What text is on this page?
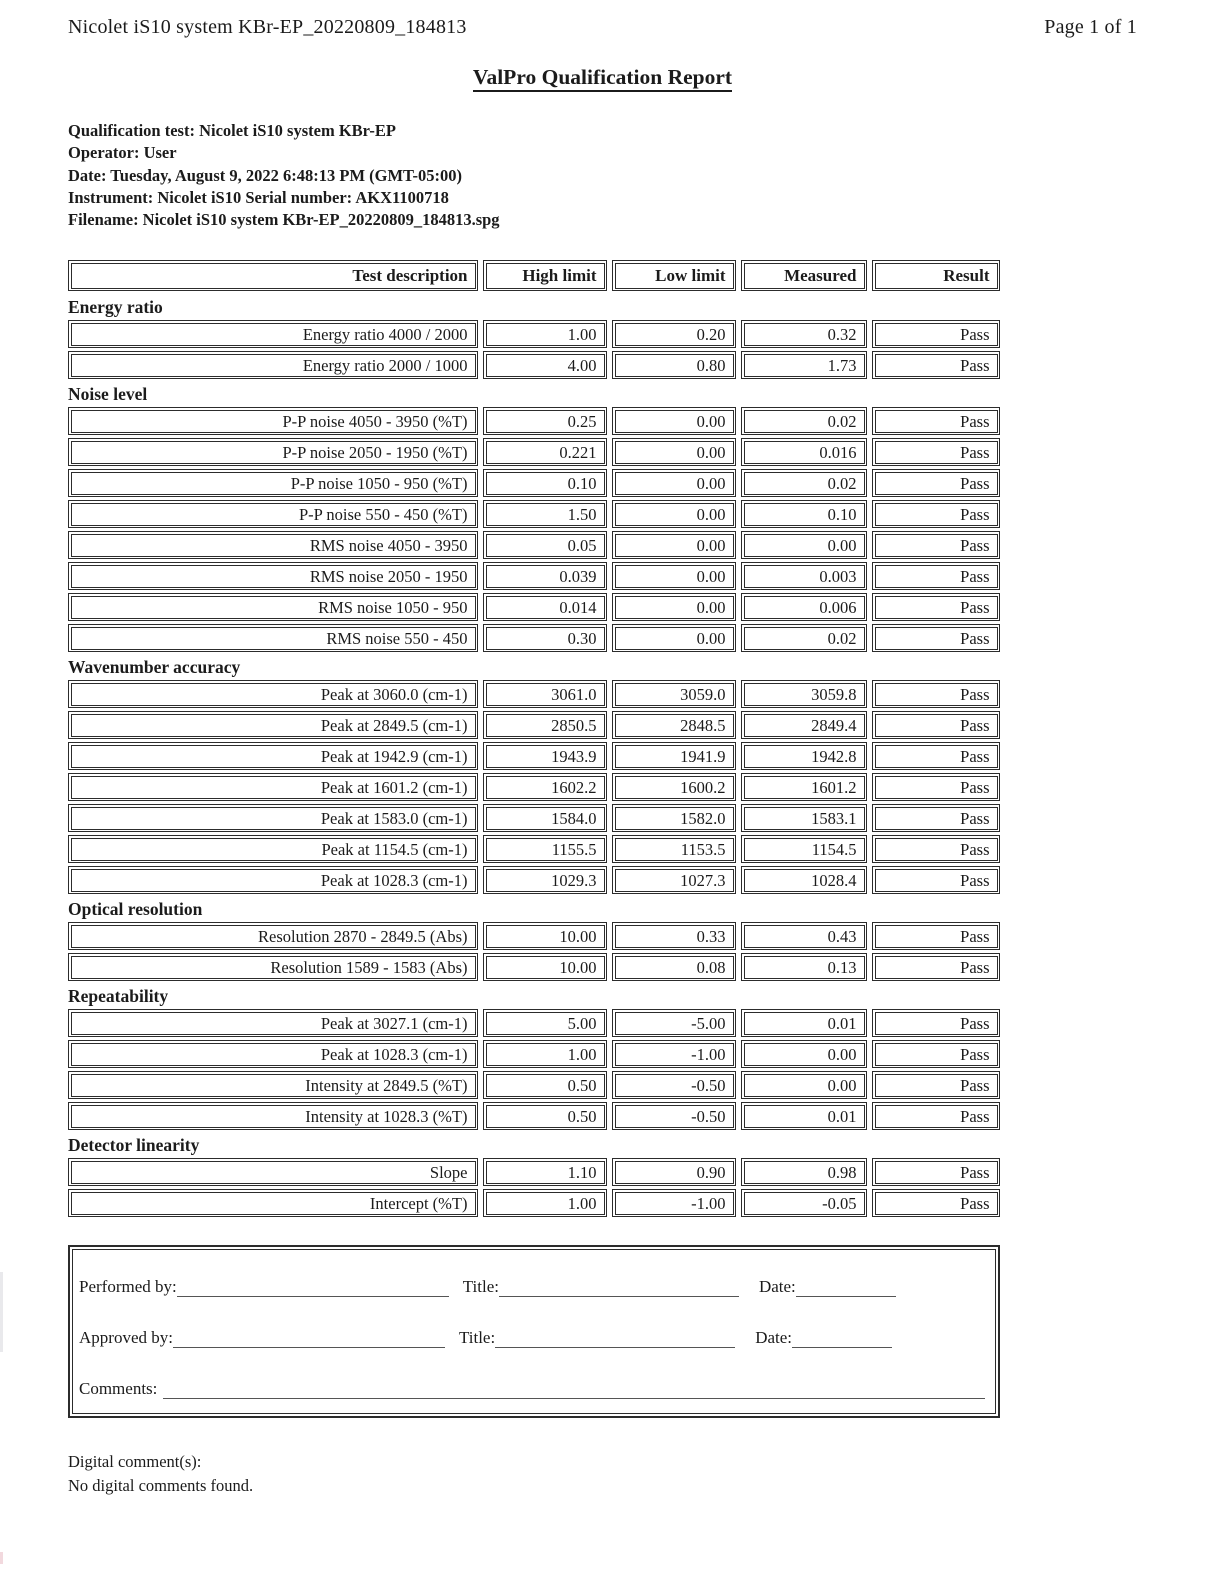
Nicolet iS10 system KBr-EP_20220809_184813	Page 1 of 1
ValPro Qualification Report
Qualification test: Nicolet iS10 system KBr-EP
Operator: User
Date: Tuesday, August 9, 2022 6:48:13 PM (GMT-05:00)
Instrument: Nicolet iS10 Serial number: AKX1100718
Filename: Nicolet iS10 system KBr-EP_20220809_184813.spg
Test description	High limit	Low limit	Measured	Result
Energy ratio
Energy ratio 4000 / 2000	1.00	0.20	0.32	Pass
Energy ratio 2000 / 1000	4.00	0.80	1.73	Pass
Noise level
P-P noise 4050 - 3950 (%T)	0.25	0.00	0.02	Pass
P-P noise 2050 - 1950 (%T)	0.221	0.00	0.016	Pass
P-P noise 1050 - 950 (%T)	0.10	0.00	0.02	Pass
P-P noise 550 - 450 (%T)	1.50	0.00	0.10	Pass
RMS noise 4050 - 3950	0.05	0.00	0.00	Pass
RMS noise 2050 - 1950	0.039	0.00	0.003	Pass
RMS noise 1050 - 950	0.014	0.00	0.006	Pass
RMS noise 550 - 450	0.30	0.00	0.02	Pass
Wavenumber accuracy
Peak at 3060.0 (cm-1)	3061.0	3059.0	3059.8	Pass
Peak at 2849.5 (cm-1)	2850.5	2848.5	2849.4	Pass
Peak at 1942.9 (cm-1)	1943.9	1941.9	1942.8	Pass
Peak at 1601.2 (cm-1)	1602.2	1600.2	1601.2	Pass
Peak at 1583.0 (cm-1)	1584.0	1582.0	1583.1	Pass
Peak at 1154.5 (cm-1)	1155.5	1153.5	1154.5	Pass
Peak at 1028.3 (cm-1)	1029.3	1027.3	1028.4	Pass
Optical resolution
Resolution 2870 - 2849.5 (Abs)	10.00	0.33	0.43	Pass
Resolution 1589 - 1583 (Abs)	10.00	0.08	0.13	Pass
Repeatability
Peak at 3027.1 (cm-1)	5.00	-5.00	0.01	Pass
Peak at 1028.3 (cm-1)	1.00	-1.00	0.00	Pass
Intensity at 2849.5 (%T)	0.50	-0.50	0.00	Pass
Intensity at 1028.3 (%T)	0.50	-0.50	0.01	Pass
Detector linearity
Slope	1.10	0.90	0.98	Pass
Intercept (%T)	1.00	-1.00	-0.05	Pass
Performed by:	Title:	Date:
Approved by:	Title:	Date:
Comments:
Digital comment(s):
No digital comments found.
